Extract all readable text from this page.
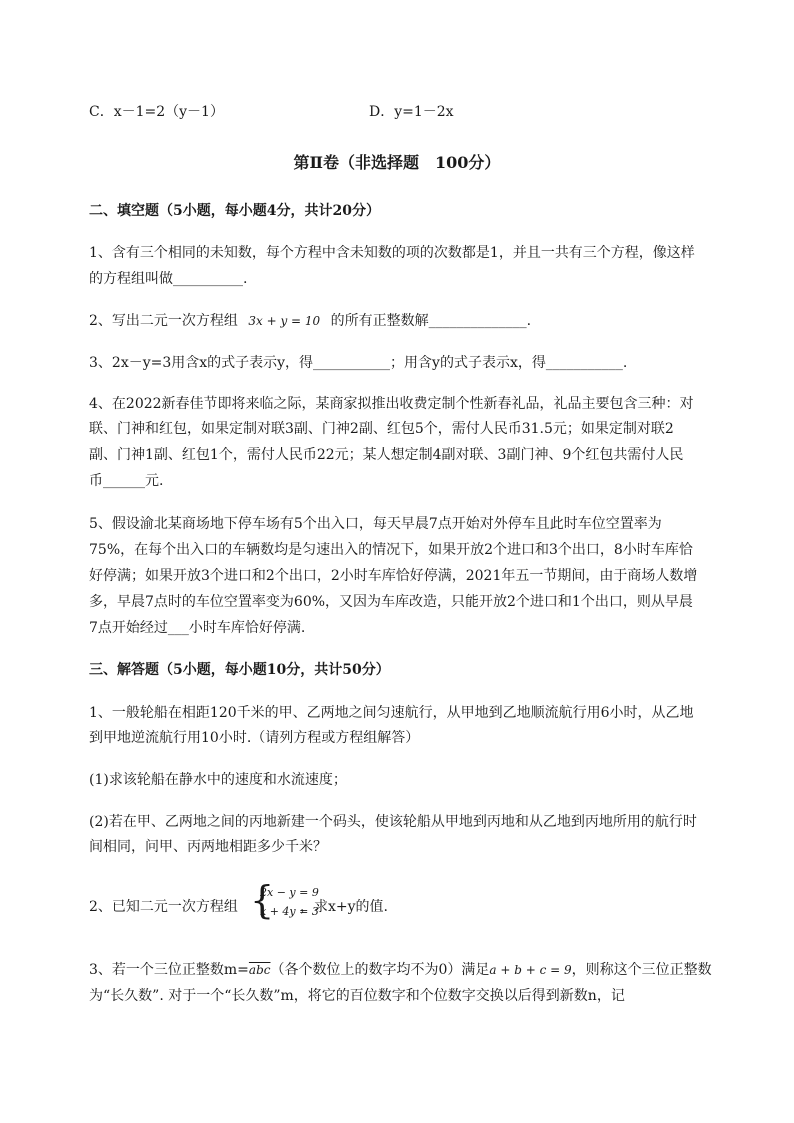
C．x－1=2（y－1）	D．y=1－2x
第Ⅱ卷（非选择题　100分）
二、填空题（5小题，每小题4分，共计20分）
1、含有三个相同的未知数，每个方程中含未知数的项的次数都是1，并且一共有三个方程，像这样
的方程组叫做__________.
2、写出二元一次方程组 3x + y = 10 的所有正整数解______________.
3、2x－y=3用含x的式子表示y，得___________；用含y的式子表示x，得___________.
4、在2022新春佳节即将来临之际，某商家拟推出收费定制个性新春礼品，礼品主要包含三种：对
联、门神和红包，如果定制对联3副、门神2副、红包5个，需付人民币31.5元；如果定制对联2
副、门神1副、红包1个，需付人民币22元；某人想定制4副对联、3副门神、9个红包共需付人民
币______元.
5、假设渝北某商场地下停车场有5个出入口，每天早晨7点开始对外停车且此时车位空置率为
75%，在每个出入口的车辆数均是匀速出入的情况下，如果开放2个进口和3个出口，8小时车库恰
好停满；如果开放3个进口和2个出口，2小时车库恰好停满，2021年五一节期间，由于商场人数增
多，早晨7点时的车位空置率变为60%，又因为车库改造，只能开放2个进口和1个出口，则从早晨
7点开始经过___小时车库恰好停满.
三、解答题（5小题，每小题10分，共计50分）
1、一般轮船在相距120千米的甲、乙两地之间匀速航行，从甲地到乙地顺流航行用6小时，从乙地
到甲地逆流航行用10小时.（请列方程或方程组解答）
(1)求该轮船在静水中的速度和水流速度；
(2)若在甲、乙两地之间的丙地新建一个码头，使该轮船从甲地到丙地和从乙地到丙地所用的航行时
间相同，问甲、丙两地相距多少千米？
2、已知二元一次方程组 {
2x − y = 9
x + 4y = 3
，求x+y的值.
3、若一个三位正整数$m=\overline{abc}$（各个数位上的数字均不为0）满足a + b + c = 9，则称这个三位正整数
为“长久数”. 对于一个“长久数”m，将它的百位数字和个位数字交换以后得到新数n，记
